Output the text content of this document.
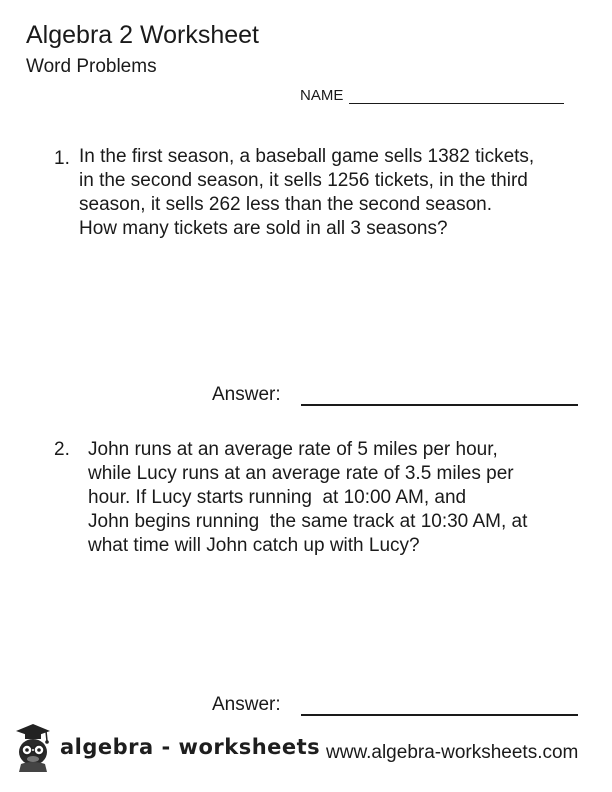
Algebra 2 Worksheet
Word Problems
NAME
1. In the first season, a baseball game sells 1382 tickets,
in the second season, it sells 1256 tickets, in the third
season, it sells 262 less than the second season.
How many tickets are sold in all 3 seasons?
Answer:
2. John runs at an average rate of 5 miles per hour,
while Lucy runs at an average rate of 3.5 miles per
hour. If Lucy starts running  at 10:00 AM, and
John begins running  the same track at 10:30 AM, at
what time will John catch up with Lucy?
Answer:
algebra - worksheets www.algebra-worksheets.com
